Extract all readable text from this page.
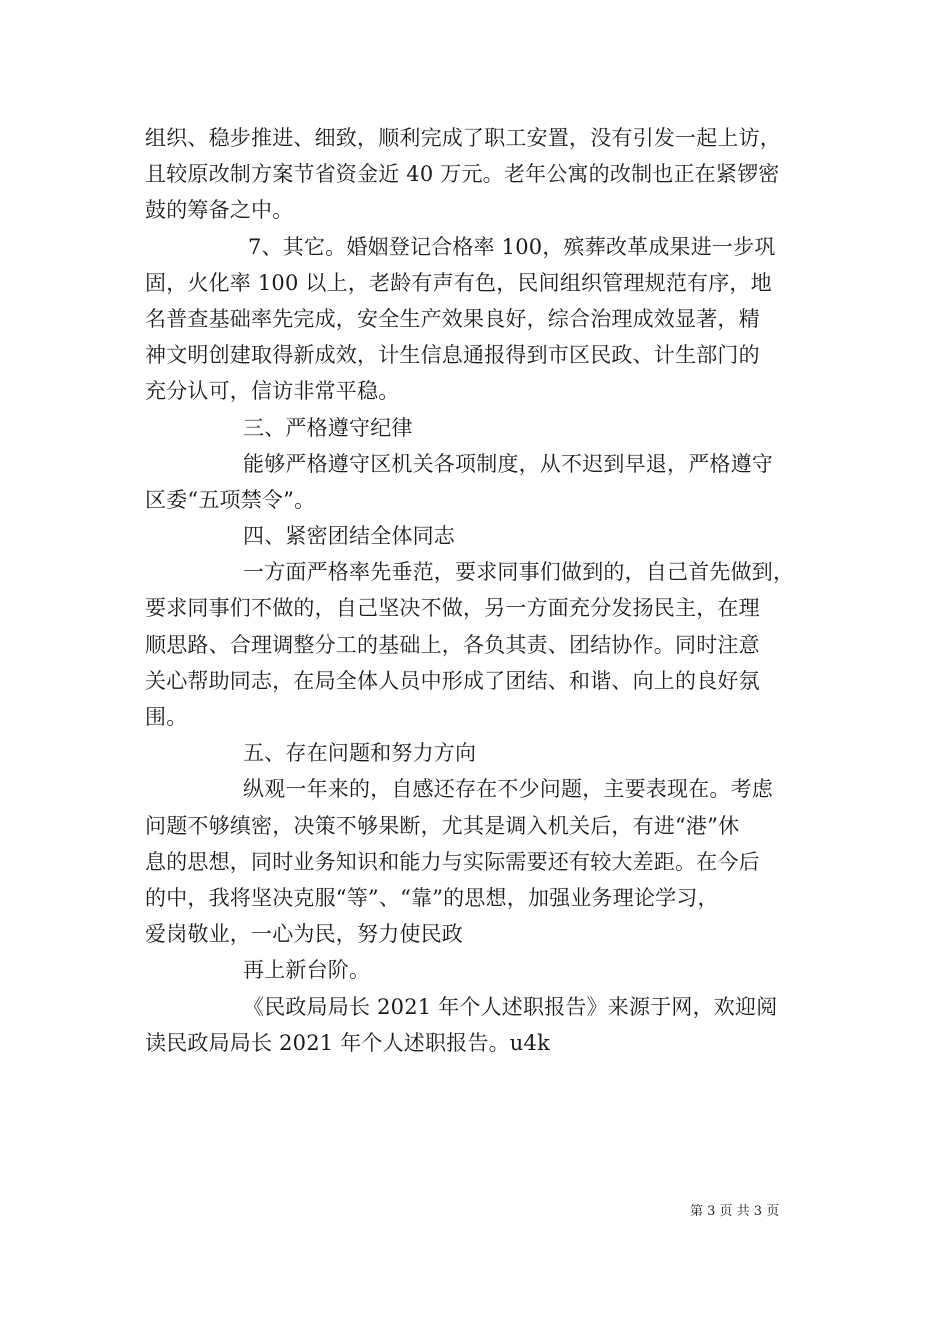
组织、稳步推进、细致，顺利完成了职工安置，没有引发一起上访，
且较原改制方案节省资金近 40 万元。老年公寓的改制也正在紧锣密
鼓的筹备之中。
7、其它。婚姻登记合格率 100，殡葬改革成果进一步巩
固，火化率 100 以上，老龄有声有色，民间组织管理规范有序，地
名普查基础率先完成，安全生产效果良好，综合治理成效显著，精
神文明创建取得新成效，计生信息通报得到市区民政、计生部门的
充分认可，信访非常平稳。
三、严格遵守纪律
能够严格遵守区机关各项制度，从不迟到早退，严格遵守
区委“五项禁令”。
四、紧密团结全体同志
一方面严格率先垂范，要求同事们做到的，自己首先做到，
要求同事们不做的，自己坚决不做，另一方面充分发扬民主，在理
顺思路、合理调整分工的基础上，各负其责、团结协作。同时注意
关心帮助同志，在局全体人员中形成了团结、和谐、向上的良好氛
围。
五、存在问题和努力方向
纵观一年来的，自感还存在不少问题，主要表现在。考虑
问题不够缜密，决策不够果断，尤其是调入机关后，有进“港”休
息的思想，同时业务知识和能力与实际需要还有较大差距。在今后
的中，我将坚决克服“等”、“靠”的思想，加强业务理论学习，
爱岗敬业，一心为民，努力使民政
再上新台阶。
《民政局局长 2021 年个人述职报告》来源于网，欢迎阅
读民政局局长 2021 年个人述职报告。u4k
第 3 页 共 3 页
